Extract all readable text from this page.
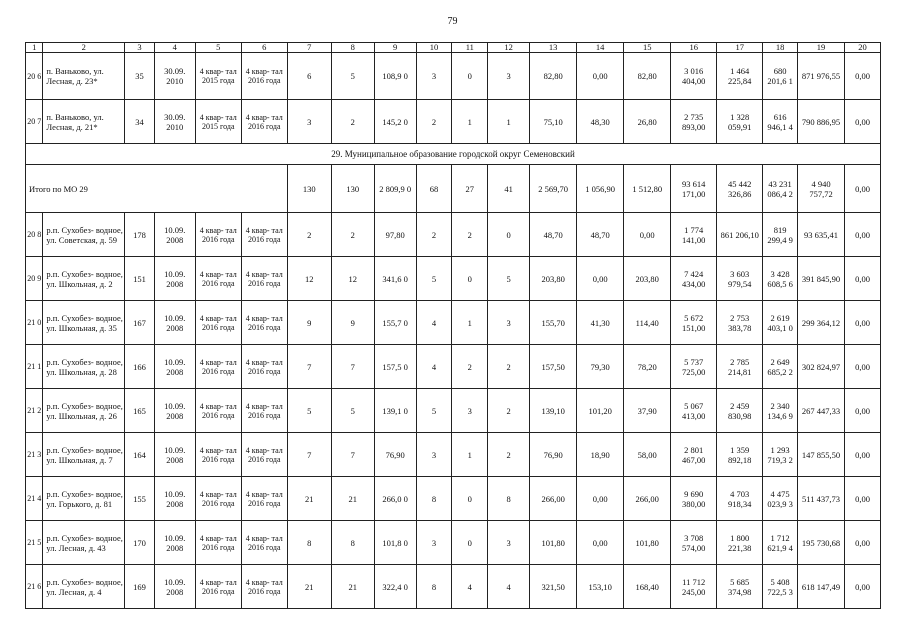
79
1	2	3	4	5	6	7	8	9	10	11	12	13	14	15	16	17	18	19	20
20 6	п. Ваньково, ул. Лесная, д. 23*	35	30.09. 2010	4 квар- тал 2015 года	4 квар- тал 2016 года	6	5	108,9 0	3	0	3	82,80	0,00	82,80	3 016 404,00	1 464 225,84	680 201,6 1	871 976,55	0,00
20 7	п. Ваньково, ул. Лесная, д. 21*	34	30.09. 2010	4 квар- тал 2015 года	4 квар- тал 2016 года	3	2	145,2 0	2	1	1	75,10	48,30	26,80	2 735 893,00	1 328 059,91	616 946,1 4	790 886,95	0,00
29. Муниципальное образование городской округ Семеновский																			
Итого по МО 29						130	130	2 809,9 0	68	27	41	2 569,70	1 056,90	1 512,80	93 614 171,00	45 442 326,86	43 231 086,4 2	4 940 757,72	0,00
20 8	р.п. Сухобез- водное, ул. Советская, д. 59	178	10.09. 2008	4 квар- тал 2016 года	4 квар- тал 2016 года	2	2	97,80	2	2	0	48,70	48,70	0,00	1 774 141,00	861 206,10	819 299,4 9	93 635,41	0,00
20 9	р.п. Сухобез- водное, ул. Школьная, д. 2	151	10.09. 2008	4 квар- тал 2016 года	4 квар- тал 2016 года	12	12	341,6 0	5	0	5	203,80	0,00	203,80	7 424 434,00	3 603 979,54	3 428 608,5 6	391 845,90	0,00
21 0	р.п. Сухобез- водное, ул. Школьная, д. 35	167	10.09. 2008	4 квар- тал 2016 года	4 квар- тал 2016 года	9	9	155,7 0	4	1	3	155,70	41,30	114,40	5 672 151,00	2 753 383,78	2 619 403,1 0	299 364,12	0,00
21 1	р.п. Сухобез- водное, ул. Школьная, д. 28	166	10.09. 2008	4 квар- тал 2016 года	4 квар- тал 2016 года	7	7	157,5 0	4	2	2	157,50	79,30	78,20	5 737 725,00	2 785 214,81	2 649 685,2 2	302 824,97	0,00
21 2	р.п. Сухобез- водное, ул. Школьная, д. 26	165	10.09. 2008	4 квар- тал 2016 года	4 квар- тал 2016 года	5	5	139,1 0	5	3	2	139,10	101,20	37,90	5 067 413,00	2 459 830,98	2 340 134,6 9	267 447,33	0,00
21 3	р.п. Сухобез- водное, ул. Школьная, д. 7	164	10.09. 2008	4 квар- тал 2016 года	4 квар- тал 2016 года	7	7	76,90	3	1	2	76,90	18,90	58,00	2 801 467,00	1 359 892,18	1 293 719,3 2	147 855,50	0,00
21 4	р.п. Сухобез- водное, ул. Горького, д. 81	155	10.09. 2008	4 квар- тал 2016 года	4 квар- тал 2016 года	21	21	266,0 0	8	0	8	266,00	0,00	266,00	9 690 380,00	4 703 918,34	4 475 023,9 3	511 437,73	0,00
21 5	р.п. Сухобез- водное, ул. Лесная, д. 43	170	10.09. 2008	4 квар- тал 2016 года	4 квар- тал 2016 года	8	8	101,8 0	3	0	3	101,80	0,00	101,80	3 708 574,00	1 800 221,38	1 712 621,9 4	195 730,68	0,00
21 6	р.п. Сухобез- водное, ул. Лесная, д. 4	169	10.09. 2008	4 квар- тал 2016 года	4 квар- тал 2016 года	21	21	322,4 0	8	4	4	321,50	153,10	168,40	11 712 245,00	5 685 374,98	5 408 722,5 3	618 147,49	0,00
